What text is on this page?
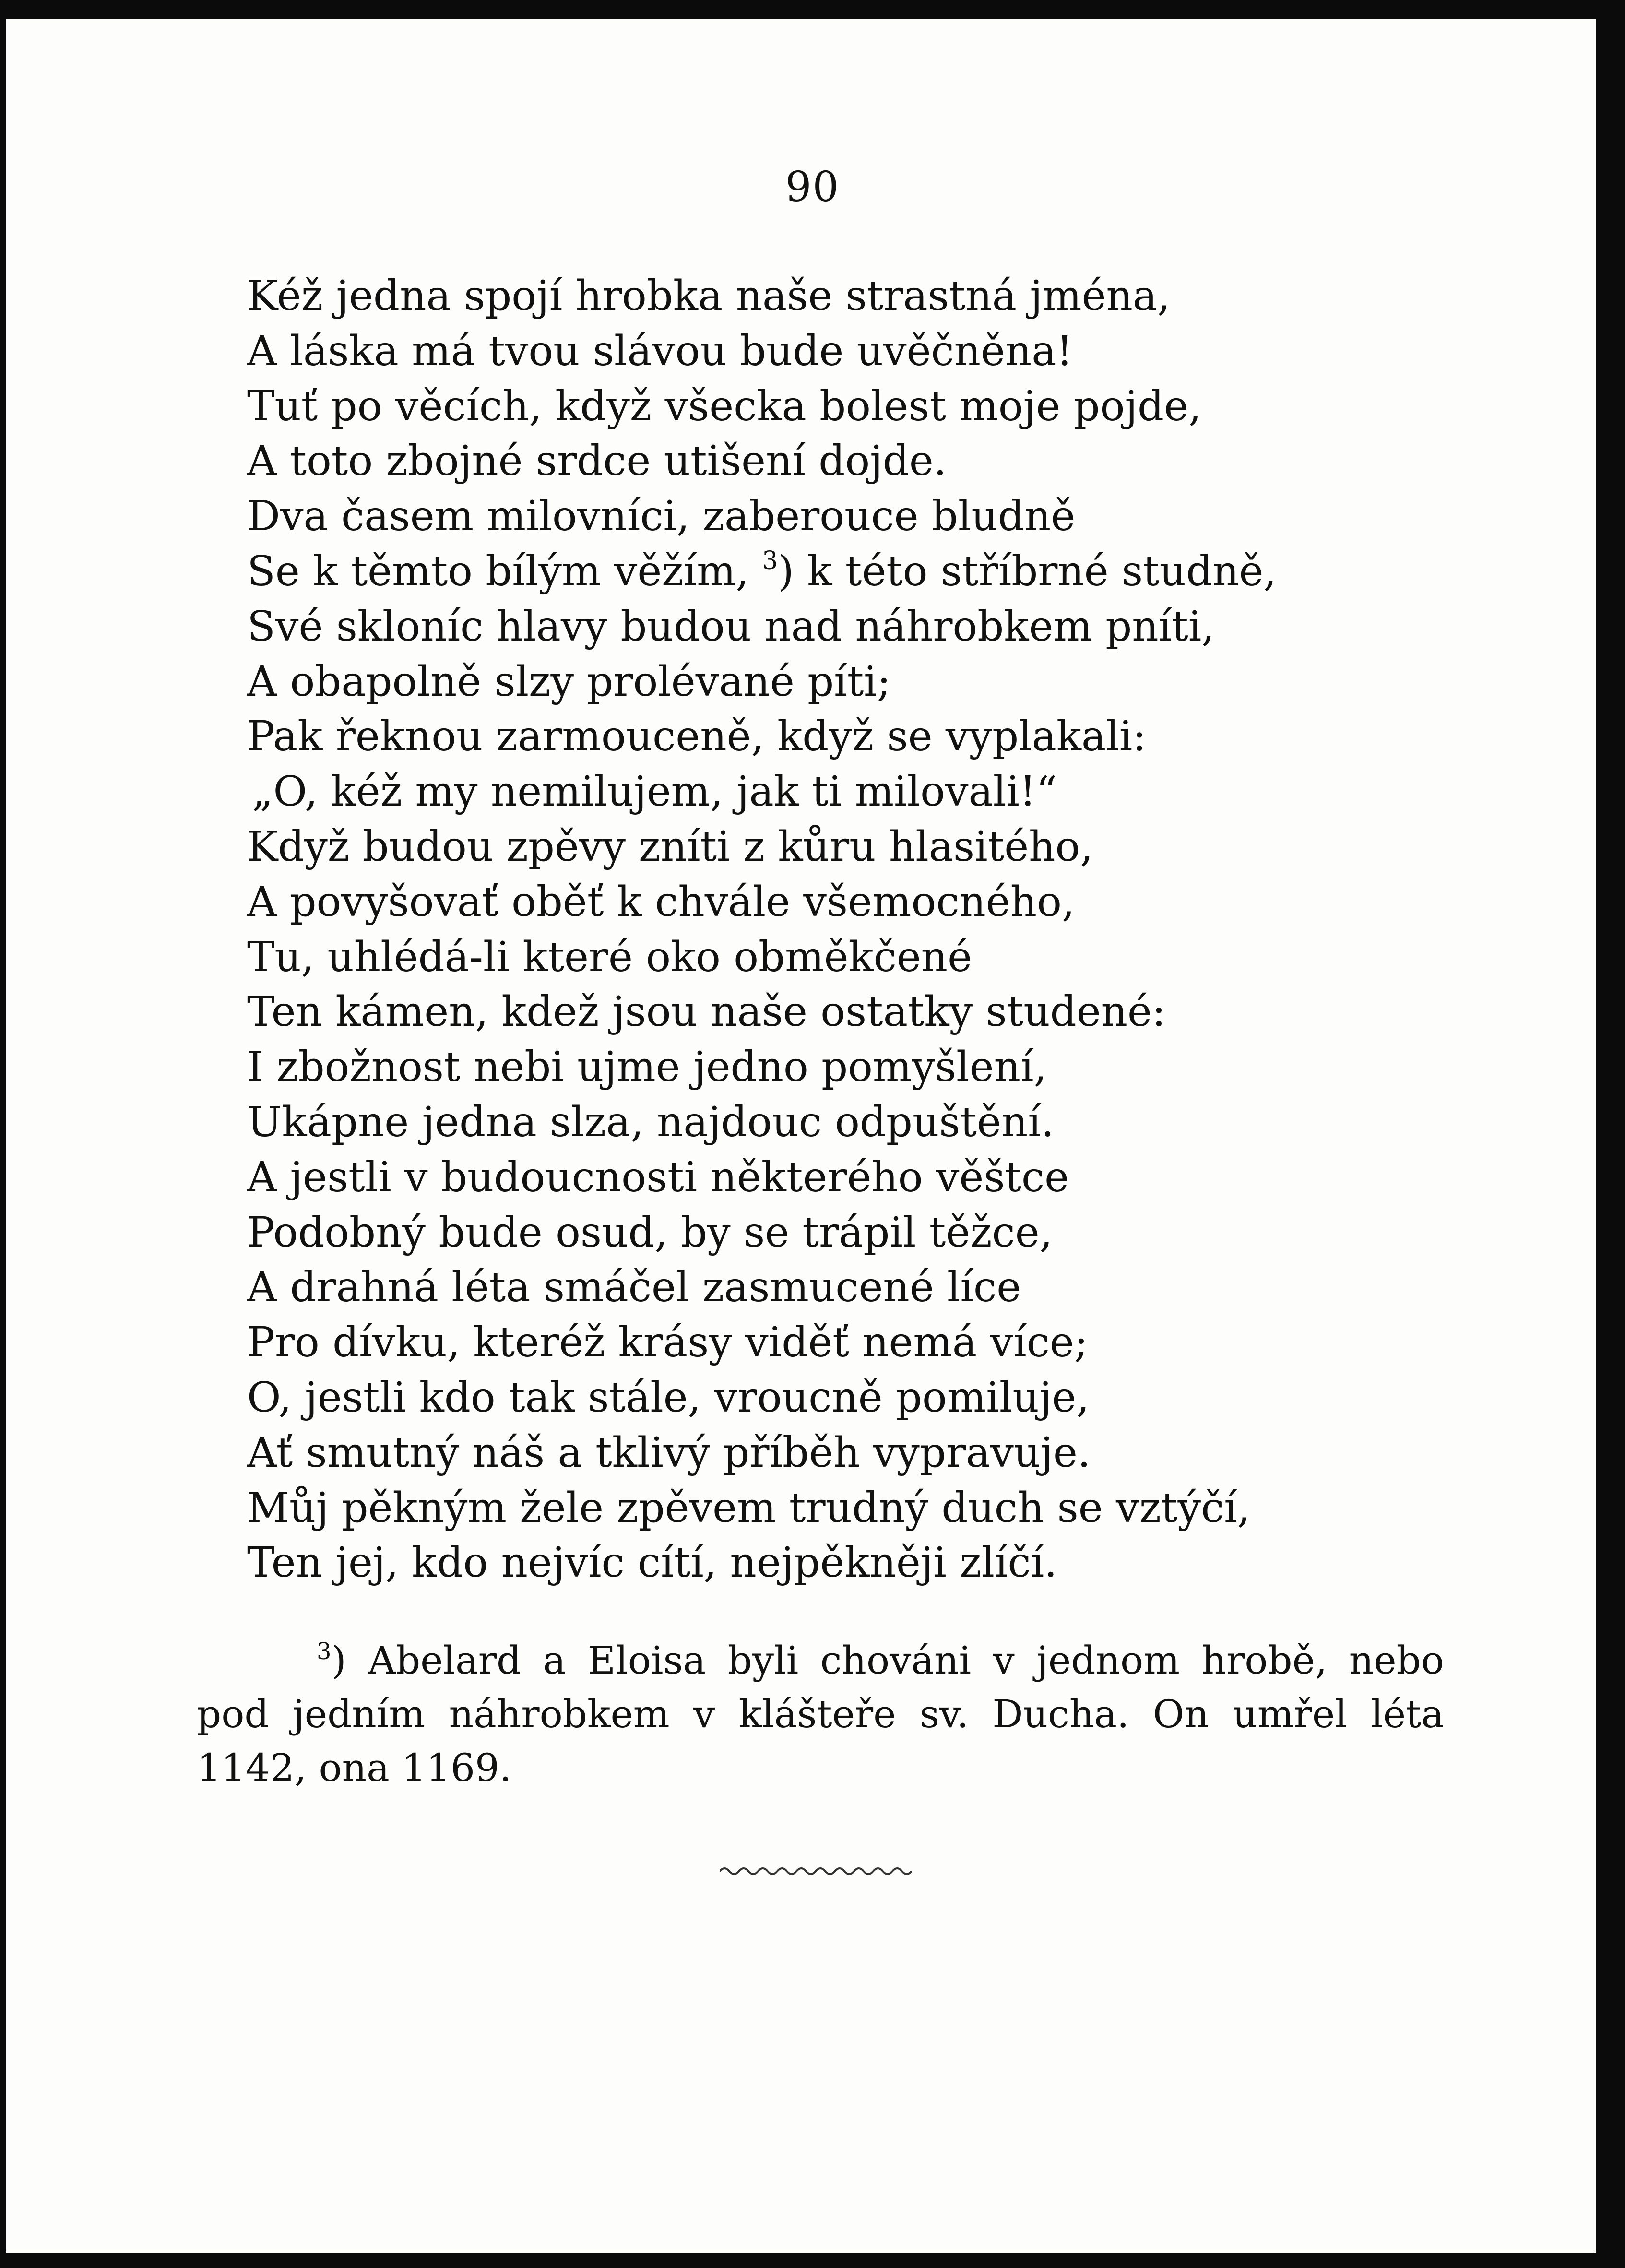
90
Kéž jedna spojí hrobka naše strastná jména,
A láska má tvou slávou bude uvěčněna!
Tuť po věcích, když všecka bolest moje pojde,
A toto zbojné srdce utišení dojde.
Dva časem milovníci, zaberouce bludně
Se k těmto bílým věžím, $^3$) k této stříbrné studně,
Své skloníc hlavy budou nad náhrobkem pníti,
A obapolně slzy prolévané píti;
Pak řeknou zarmouceně, když se vyplakali:
„O, kéž my nemilujem, jak ti milovali!“
Když budou zpěvy zníti z kůru hlasitého,
A povyšovať oběť k chvále všemocného,
Tu, uhlédá-li které oko obměkčené
Ten kámen, kdež jsou naše ostatky studené:
I zbožnost nebi ujme jedno pomyšlení,
Ukápne jedna slza, najdouc odpuštění.
A jestli v budoucnosti některého věštce
Podobný bude osud, by se trápil těžce,
A drahná léta smáčel zasmucené líce
Pro dívku, kteréž krásy viděť nemá více;
O, jestli kdo tak stále, vroucně pomiluje,
Ať smutný náš a tklivý příběh vypravuje.
Můj pěkným žele zpěvem trudný duch se vztýčí,
Ten jej, kdo nejvíc cítí, nejpěkněji zlíčí.
$^3$) Abelard a Eloisa byli chováni v jednom hrobě, nebo
pod jedním náhrobkem v klášteře sv. Ducha. On umřel léta
1142, ona 1169.
